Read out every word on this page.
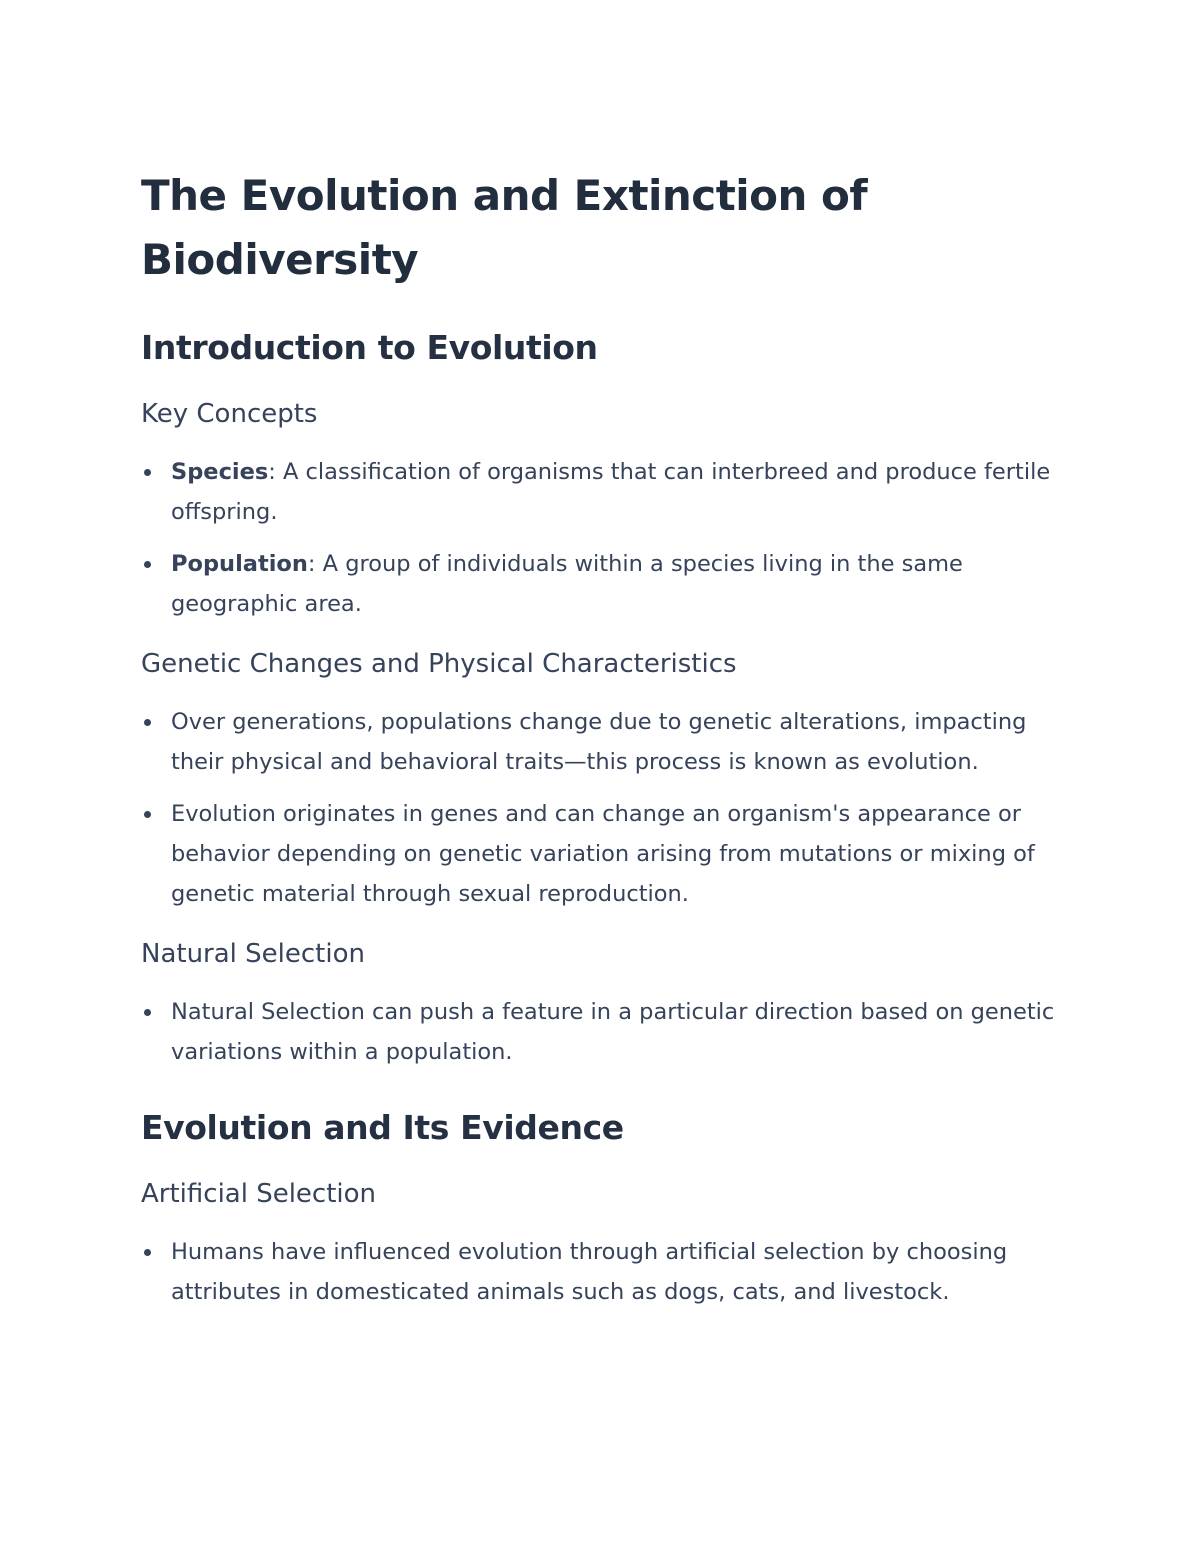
The Evolution and Extinction of Biodiversity
Introduction to Evolution
Key Concepts
Species: A classification of organisms that can interbreed and produce fertile offspring.
Population: A group of individuals within a species living in the same geographic area.
Genetic Changes and Physical Characteristics
Over generations, populations change due to genetic alterations, impacting their physical and behavioral traits—this process is known as evolution.
Evolution originates in genes and can change an organism's appearance or behavior depending on genetic variation arising from mutations or mixing of genetic material through sexual reproduction.
Natural Selection
Natural Selection can push a feature in a particular direction based on genetic variations within a population.
Evolution and Its Evidence
Artificial Selection
Humans have influenced evolution through artificial selection by choosing attributes in domesticated animals such as dogs, cats, and livestock.
